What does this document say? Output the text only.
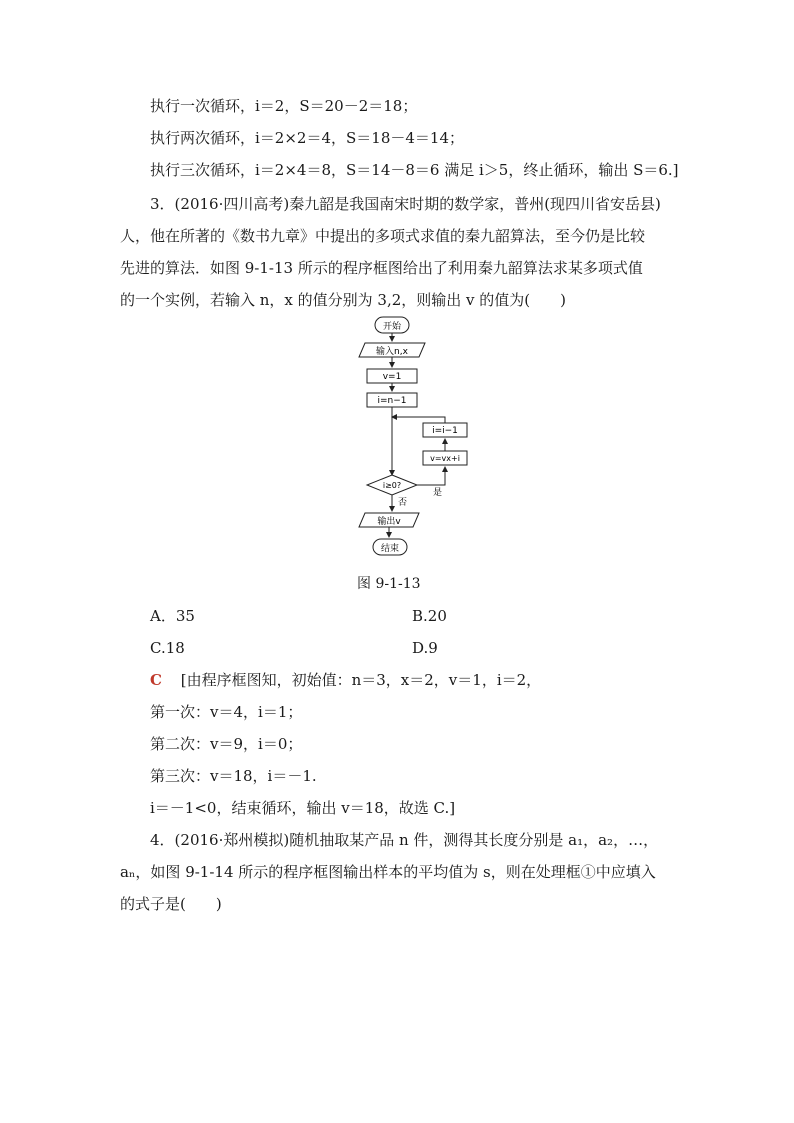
执行一次循环，i＝2，S＝20－2＝18；
执行两次循环，i＝2×2＝4，S＝18－4＝14；
执行三次循环，i＝2×4＝8，S＝14－8＝6 满足 i＞5，终止循环，输出 S＝6.]
3．(2016·四川高考)秦九韶是我国南宋时期的数学家，普州(现四川省安岳县)
人，他在所著的《数书九章》中提出的多项式求值的秦九韶算法，至今仍是比较
先进的算法．如图 9-1-13 所示的程序框图给出了利用秦九韶算法求某多项式值
的一个实例，若输入 n，x 的值分别为 3,2，则输出 v 的值为(　　)
开始
输入n,x
v=1
i=n−1
i=i−1
v=vx+i
i≥0?
是
否
输出v
结束
图 9-1-13
A．35	B.20
C.18	D.9
C [由程序框图知，初始值：n＝3，x＝2，v＝1，i＝2，
第一次：v＝4，i＝1；
第二次：v＝9，i＝0；
第三次：v＝18，i＝－1.
i＝－1<0，结束循环，输出 v＝18，故选 C.]
4．(2016·郑州模拟)随机抽取某产品 n 件，测得其长度分别是 a₁，a₂，…，
aₙ，如图 9-1-14 所示的程序框图输出样本的平均值为 s，则在处理框①中应填入
的式子是(　　)
